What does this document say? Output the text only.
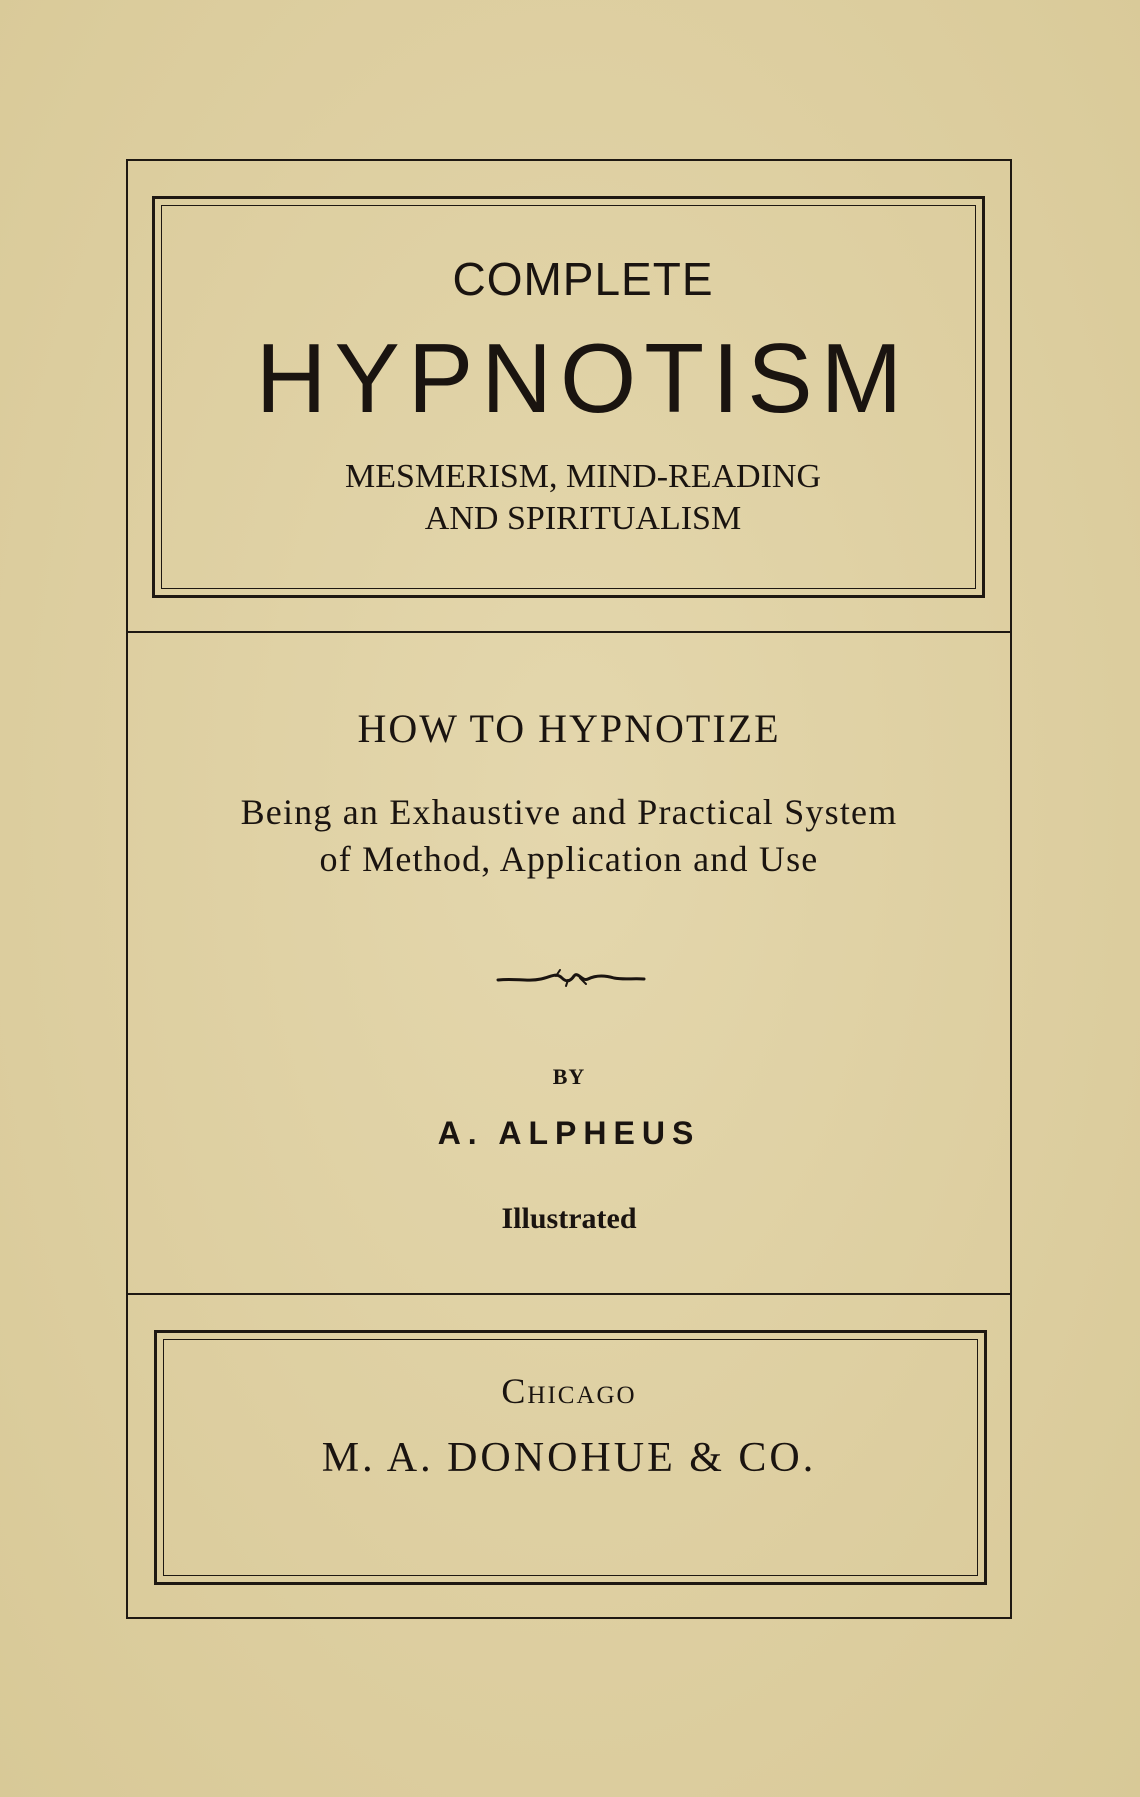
COMPLETE
HYPNOTISM
MESMERISM, MIND-READING
AND SPIRITUALISM
HOW TO HYPNOTIZE
Being an Exhaustive and Practical System
of Method, Application and Use
BY
A. ALPHEUS
Illustrated
Chicago
M. A. DONOHUE & CO.
